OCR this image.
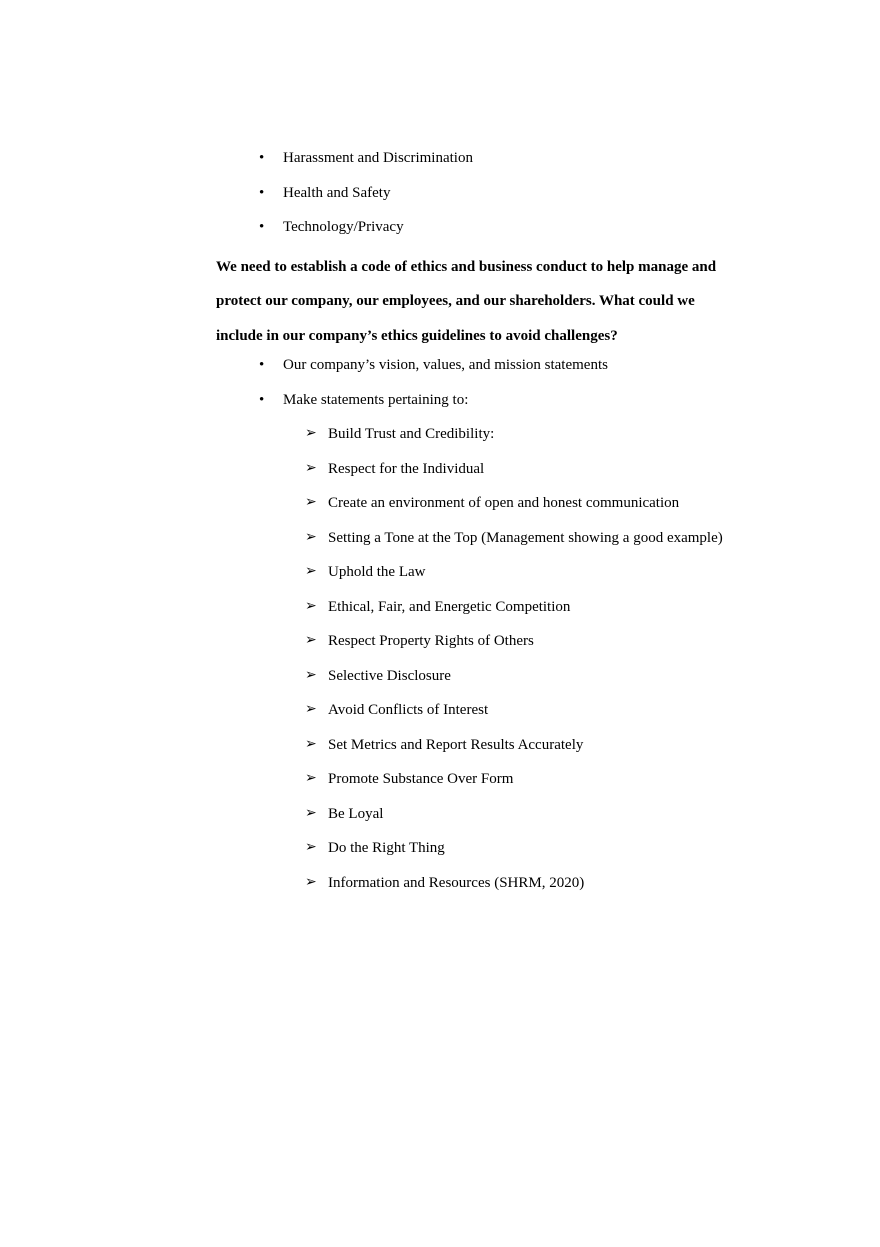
• Harassment and Discrimination
• Health and Safety
• Technology/Privacy
We need to establish a code of ethics and business conduct to help manage and
protect our company, our employees, and our shareholders. What could we
include in our company’s ethics guidelines to avoid challenges?
• Our company’s vision, values, and mission statements
• Make statements pertaining to:
➢ Build Trust and Credibility:
➢ Respect for the Individual
➢ Create an environment of open and honest communication
➢ Setting a Tone at the Top (Management showing a good example)
➢ Uphold the Law
➢ Ethical, Fair, and Energetic Competition
➢ Respect Property Rights of Others
➢ Selective Disclosure
➢ Avoid Conflicts of Interest
➢ Set Metrics and Report Results Accurately
➢ Promote Substance Over Form
➢ Be Loyal
➢ Do the Right Thing
➢ Information and Resources (SHRM, 2020)
